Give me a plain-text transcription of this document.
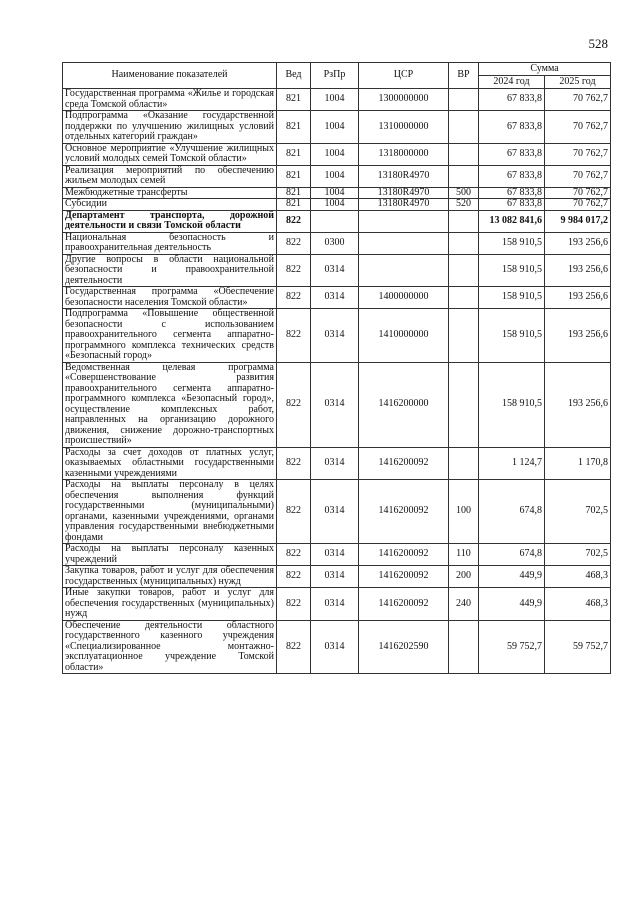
528
Наименование показателей	Вед	РзПр	ЦСР	ВР	Сумма	
					2024 год	2025 год
Государственная программа «Жилье и городская среда Томской области»	821	1004	1300000000		67 833,8	70 762,7
Подпрограмма «Оказание государственной поддержки по улучшению жилищных условий отдельных категорий граждан»	821	1004	1310000000		67 833,8	70 762,7
Основное мероприятие «Улучшение жилищных условий молодых семей Томской области»	821	1004	1318000000		67 833,8	70 762,7
Реализация мероприятий по обеспечению жильем молодых семей	821	1004	13180R4970		67 833,8	70 762,7
Межбюджетные трансферты	821	1004	13180R4970	500	67 833,8	70 762,7
Субсидии	821	1004	13180R4970	520	67 833,8	70 762,7
Департамент транспорта, дорожной деятельности и связи Томской области	822				13 082 841,6	9 984 017,2
Национальная безопасность и правоохранительная деятельность	822	0300			158 910,5	193 256,6
Другие вопросы в области национальной безопасности и правоохранительной деятельности	822	0314			158 910,5	193 256,6
Государственная программа «Обеспечение безопасности населения Томской области»	822	0314	1400000000		158 910,5	193 256,6
Подпрограмма «Повышение общественной безопасности с использованием правоохранительного сегмента аппаратно-программного комплекса технических средств «Безопасный город»	822	0314	1410000000		158 910,5	193 256,6
Ведомственная целевая программа «Совершенствование развития правоохранительного сегмента аппаратно-программного комплекса «Безопасный город», осуществление комплексных работ, направленных на организацию дорожного движения, снижение дорожно-транспортных происшествий»	822	0314	1416200000		158 910,5	193 256,6
Расходы за счет доходов от платных услуг, оказываемых областными государственными казенными учреждениями	822	0314	1416200092		1 124,7	1 170,8
Расходы на выплаты персоналу в целях обеспечения выполнения функций государственными (муниципальными) органами, казенными учреждениями, органами управления государственными внебюджетными фондами	822	0314	1416200092	100	674,8	702,5
Расходы на выплаты персоналу казенных учреждений	822	0314	1416200092	110	674,8	702,5
Закупка товаров, работ и услуг для обеспечения государственных (муниципальных) нужд	822	0314	1416200092	200	449,9	468,3
Иные закупки товаров, работ и услуг для обеспечения государственных (муниципальных) нужд	822	0314	1416200092	240	449,9	468,3
Обеспечение деятельности областного государственного казенного учреждения «Специализированное монтажно-эксплуатационное учреждение Томской области»	822	0314	1416202590		59 752,7	59 752,7
